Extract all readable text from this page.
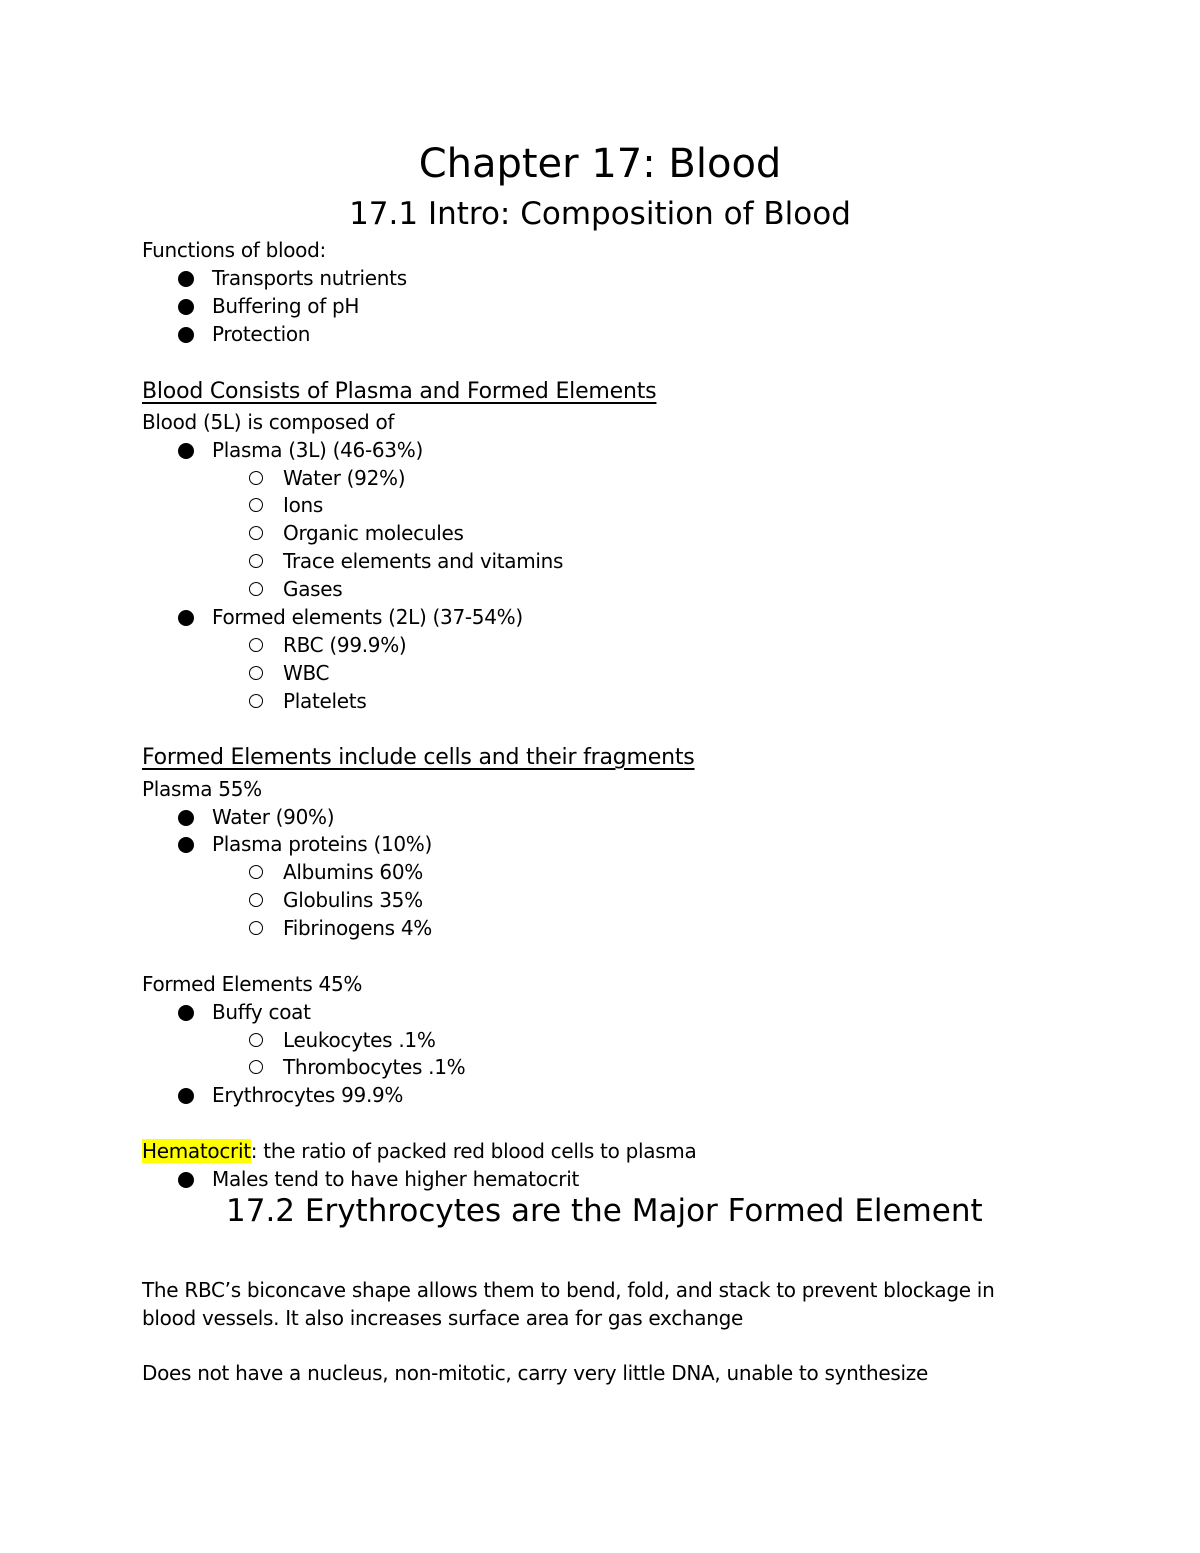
Chapter 17: Blood
17.1 Intro: Composition of Blood
Functions of blood:
Transports nutrients
Buffering of pH
Protection
Blood Consists of Plasma and Formed Elements
Blood (5L) is composed of
Plasma (3L) (46-63%)
Water (92%)
Ions
Organic molecules
Trace elements and vitamins
Gases
Formed elements (2L) (37-54%)
RBC (99.9%)
WBC
Platelets
Formed Elements include cells and their fragments
Plasma 55%
Water (90%)
Plasma proteins (10%)
Albumins 60%
Globulins 35%
Fibrinogens 4%
Formed Elements 45%
Buffy coat
Leukocytes .1%
Thrombocytes .1%
Erythrocytes 99.9%
Hematocrit: the ratio of packed red blood cells to plasma
Males tend to have higher hematocrit
17.2 Erythrocytes are the Major Formed Element
The RBC’s biconcave shape allows them to bend, fold, and stack to prevent blockage in
blood vessels. It also increases surface area for gas exchange
Does not have a nucleus, non-mitotic, carry very little DNA, unable to synthesize
